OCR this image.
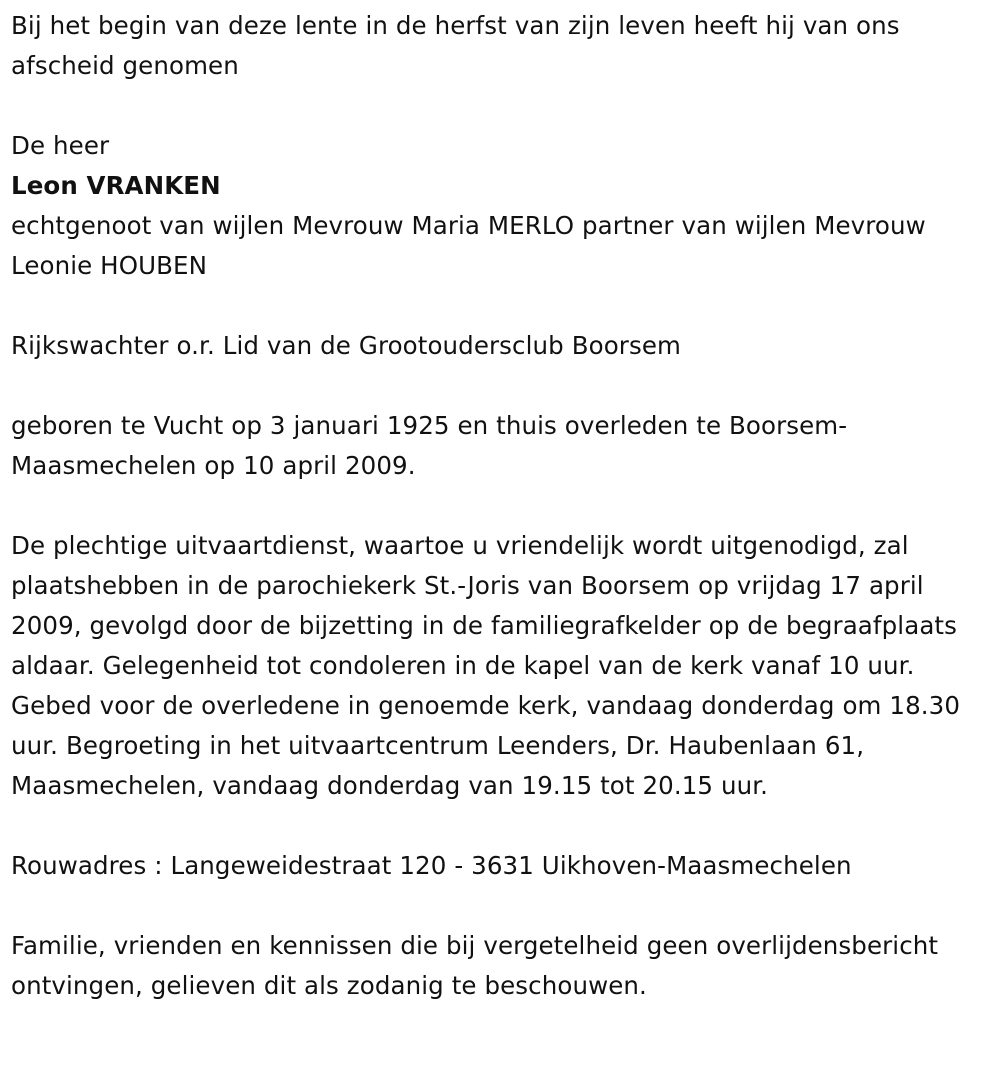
Bij het begin van deze lente in de herfst van zijn leven heeft hij van ons afscheid genomen

De heer

Leon VRANKEN

echtgenoot van wijlen Mevrouw Maria MERLO partner van wijlen Mevrouw Leonie HOUBEN

Rijkswachter o.r. Lid van de Grootoudersclub Boorsem

geboren te Vucht op 3 januari 1925 en thuis overleden te Boorsem-Maasmechelen op 10 april 2009.

De plechtige uitvaartdienst, waartoe u vriendelijk wordt uitgenodigd, zal plaatshebben in de parochiekerk St.-Joris van Boorsem op vrijdag 17 april 2009, gevolgd door de bijzetting in de familiegrafkelder op de begraafplaats aldaar. Gelegenheid tot condoleren in de kapel van de kerk vanaf 10 uur. Gebed voor de overledene in genoemde kerk, vandaag donderdag om 18.30 uur. Begroeting in het uitvaartcentrum Leenders, Dr. Haubenlaan 61, Maasmechelen, vandaag donderdag van 19.15 tot 20.15 uur.

Rouwadres : Langeweidestraat 120 - 3631 Uikhoven-Maasmechelen

Familie, vrienden en kennissen die bij vergetelheid geen overlijdensbericht ontvingen, gelieven dit als zodanig te beschouwen.
